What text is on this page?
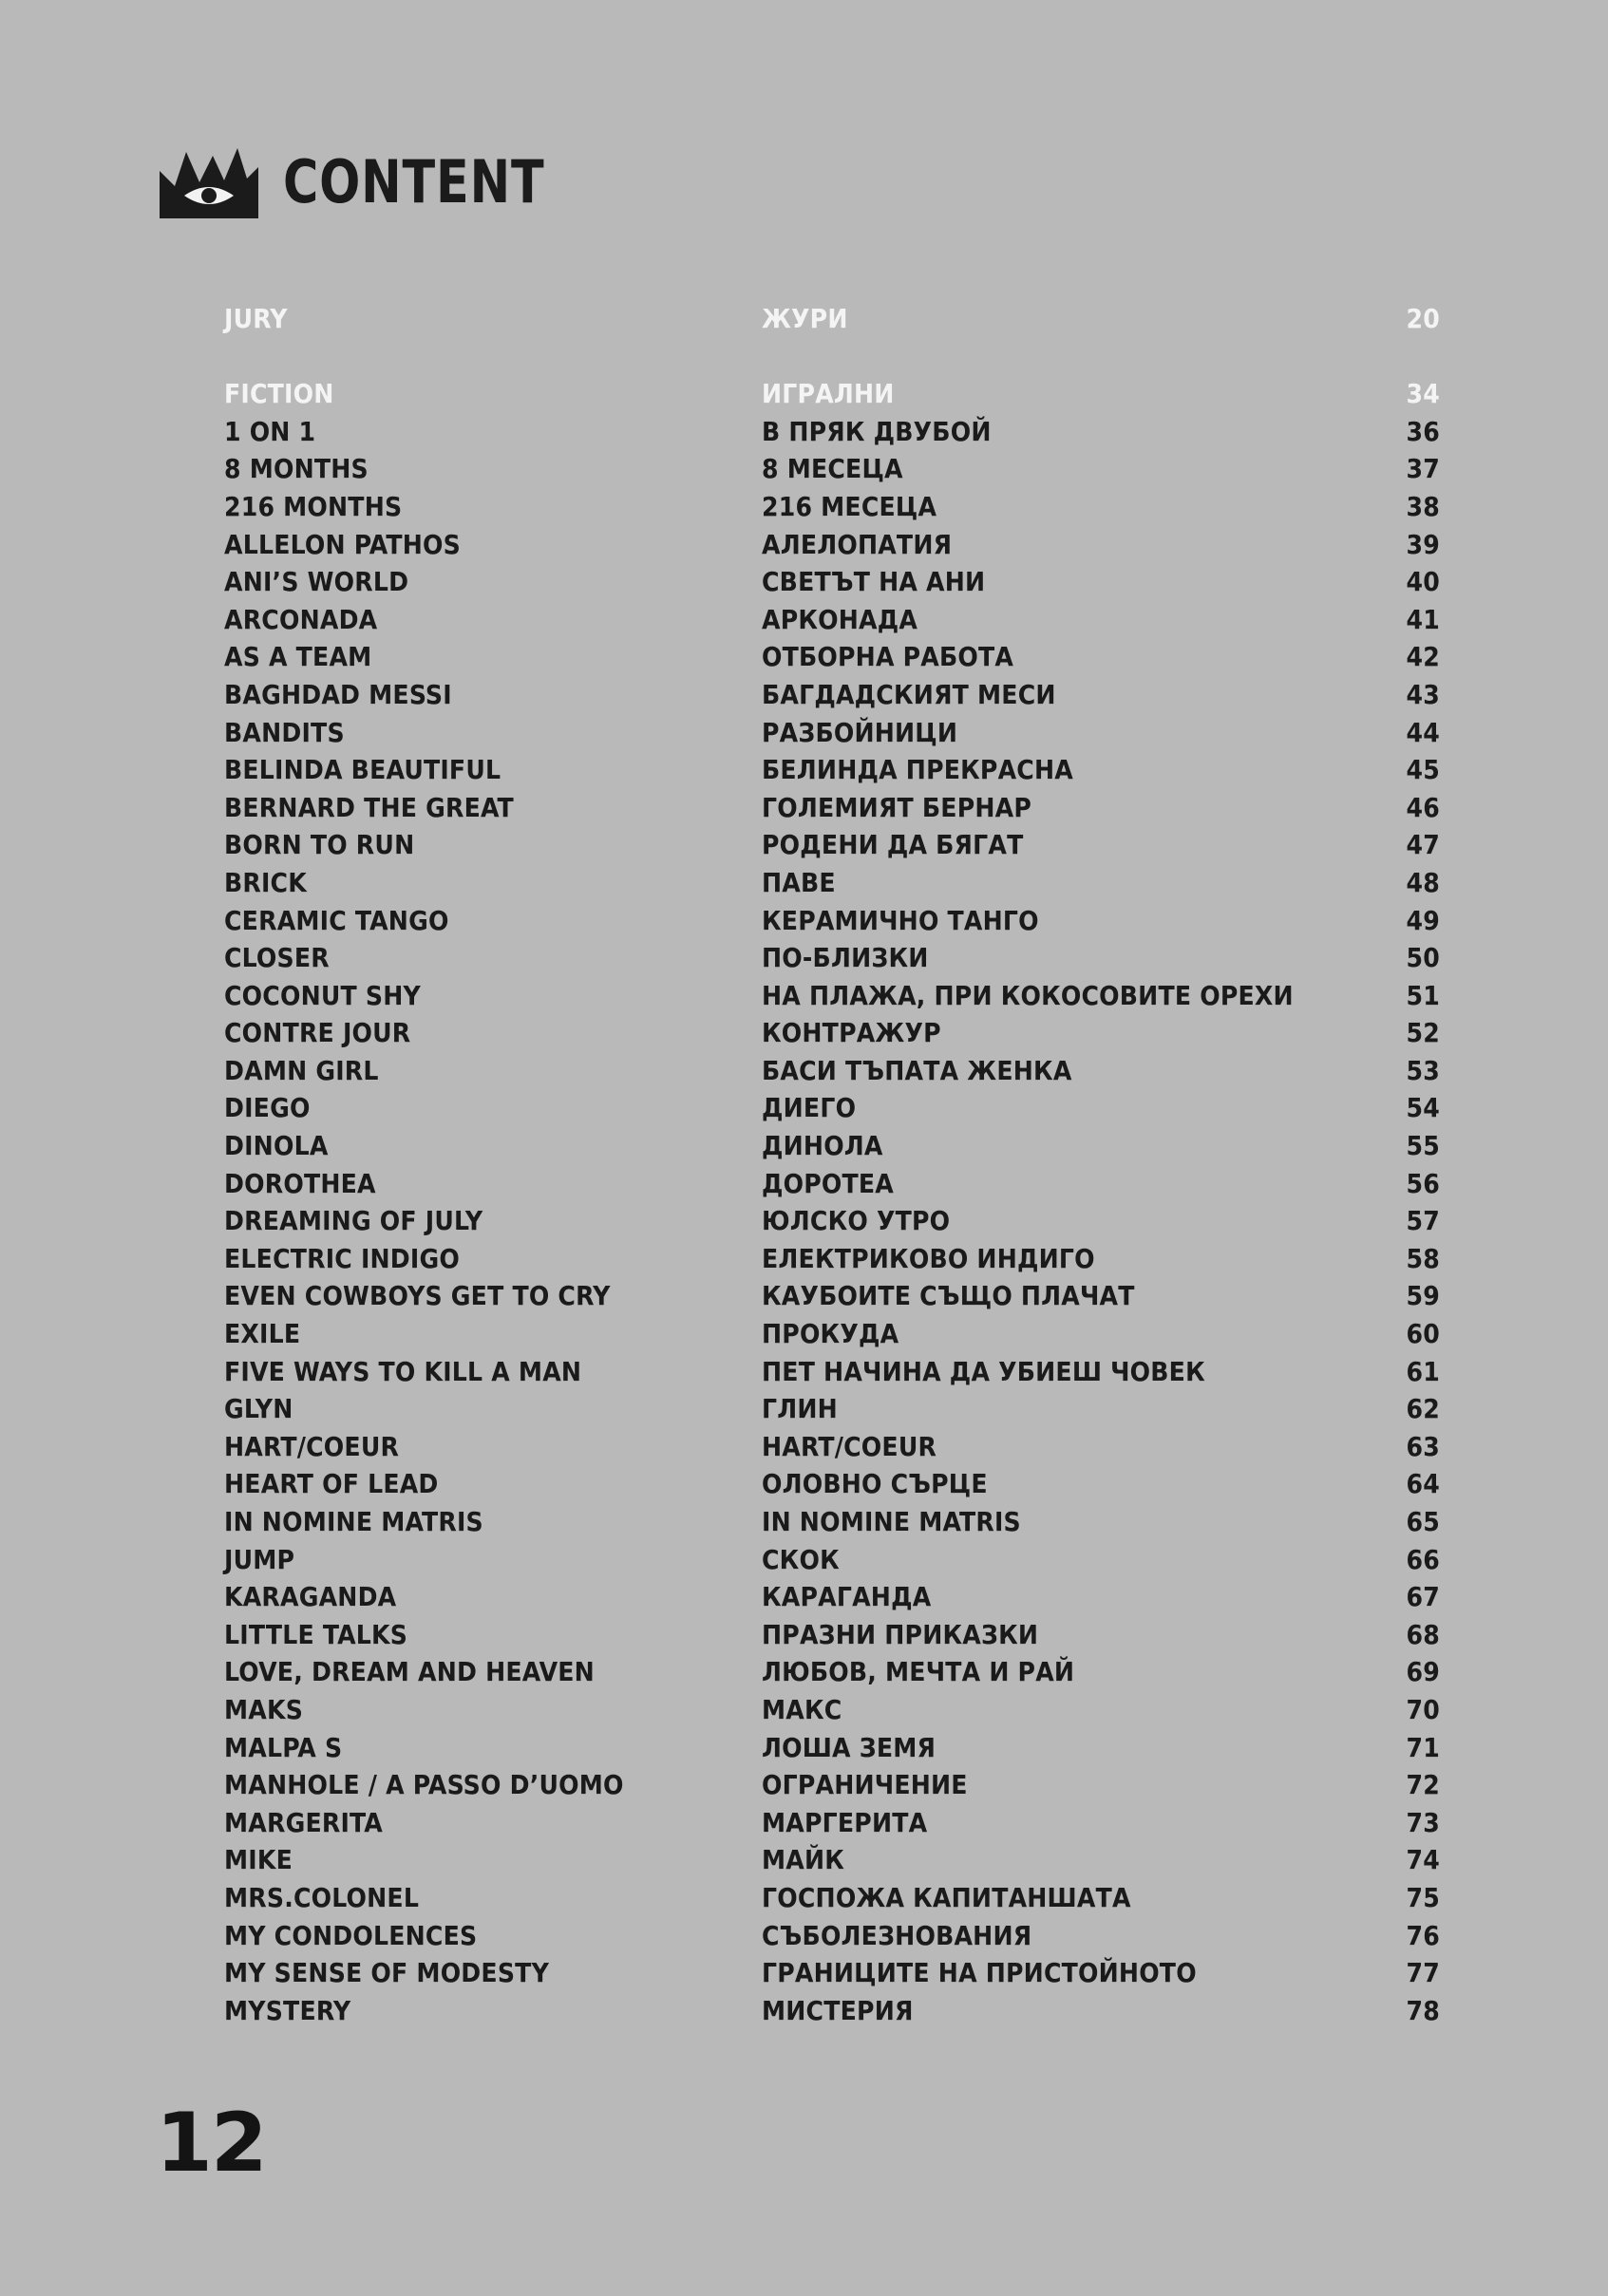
CONTENT
JURY	ЖУРИ	20
FICTION	ИГРАЛНИ	34
1 ON 1	В ПРЯК ДВУБОЙ	36
8 MONTHS	8 МЕСЕЦА	37
216 MONTHS	216 МЕСЕЦА	38
ALLELON PATHOS	АЛЕЛОПАТИЯ	39
ANI’S WORLD	СВЕТЪТ НА АНИ	40
ARCONADA	АРКОНАДА	41
AS A TEAM	ОТБОРНА РАБОТА	42
BAGHDAD MESSI	БАГДАДСКИЯТ МЕСИ	43
BANDITS	РАЗБОЙНИЦИ	44
BELINDA BEAUTIFUL	БЕЛИНДА ПРЕКРАСНА	45
BERNARD THE GREAT	ГОЛЕМИЯТ БЕРНАР	46
BORN TO RUN	РОДЕНИ ДА БЯГАТ	47
BRICK	ПАВЕ	48
CERAMIC TANGO	КЕРАМИЧНО ТАНГО	49
CLOSER	ПО-БЛИЗКИ	50
COCONUT SHY	НА ПЛАЖА, ПРИ КОКОСОВИТЕ ОРЕХИ	51
CONTRE JOUR	КОНТРАЖУР	52
DAMN GIRL	БАСИ ТЪПАТА ЖЕНКА	53
DIEGO	ДИЕГО	54
DINOLA	ДИНОЛА	55
DOROTHEA	ДОРОТЕА	56
DREAMING OF JULY	ЮЛСКО УТРО	57
ELECTRIC INDIGO	ЕЛЕКТРИКОВО ИНДИГО	58
EVEN COWBOYS GET TO CRY	КАУБОИТЕ СЪЩО ПЛАЧАТ	59
EXILE	ПРОКУДА	60
FIVE WAYS TO KILL A MAN	ПЕТ НАЧИНА ДА УБИЕШ ЧОВЕК	61
GLYN	ГЛИН	62
HART/COEUR	HART/COEUR	63
HEART OF LEAD	ОЛОВНО СЪРЦЕ	64
IN NOMINE MATRIS	IN NOMINE MATRIS	65
JUMP	СКОК	66
KARAGANDA	КАРАГАНДА	67
LITTLE TALKS	ПРАЗНИ ПРИКАЗКИ	68
LOVE, DREAM AND HEAVEN	ЛЮБОВ, МЕЧТА И РАЙ	69
MAKS	МАКС	70
MALPA S	ЛОША ЗЕМЯ	71
MANHOLE / A PASSO D’UOMO	ОГРАНИЧЕНИЕ	72
MARGERITA	МАРГЕРИТА	73
MIKE	МАЙК	74
MRS.COLONEL	ГОСПОЖА КАПИТАНШАТА	75
MY CONDOLENCES	СЪБОЛЕЗНОВАНИЯ	76
MY SENSE OF MODESTY	ГРАНИЦИТЕ НА ПРИСТОЙНОТО	77
MYSTERY	МИСТЕРИЯ	78
12
